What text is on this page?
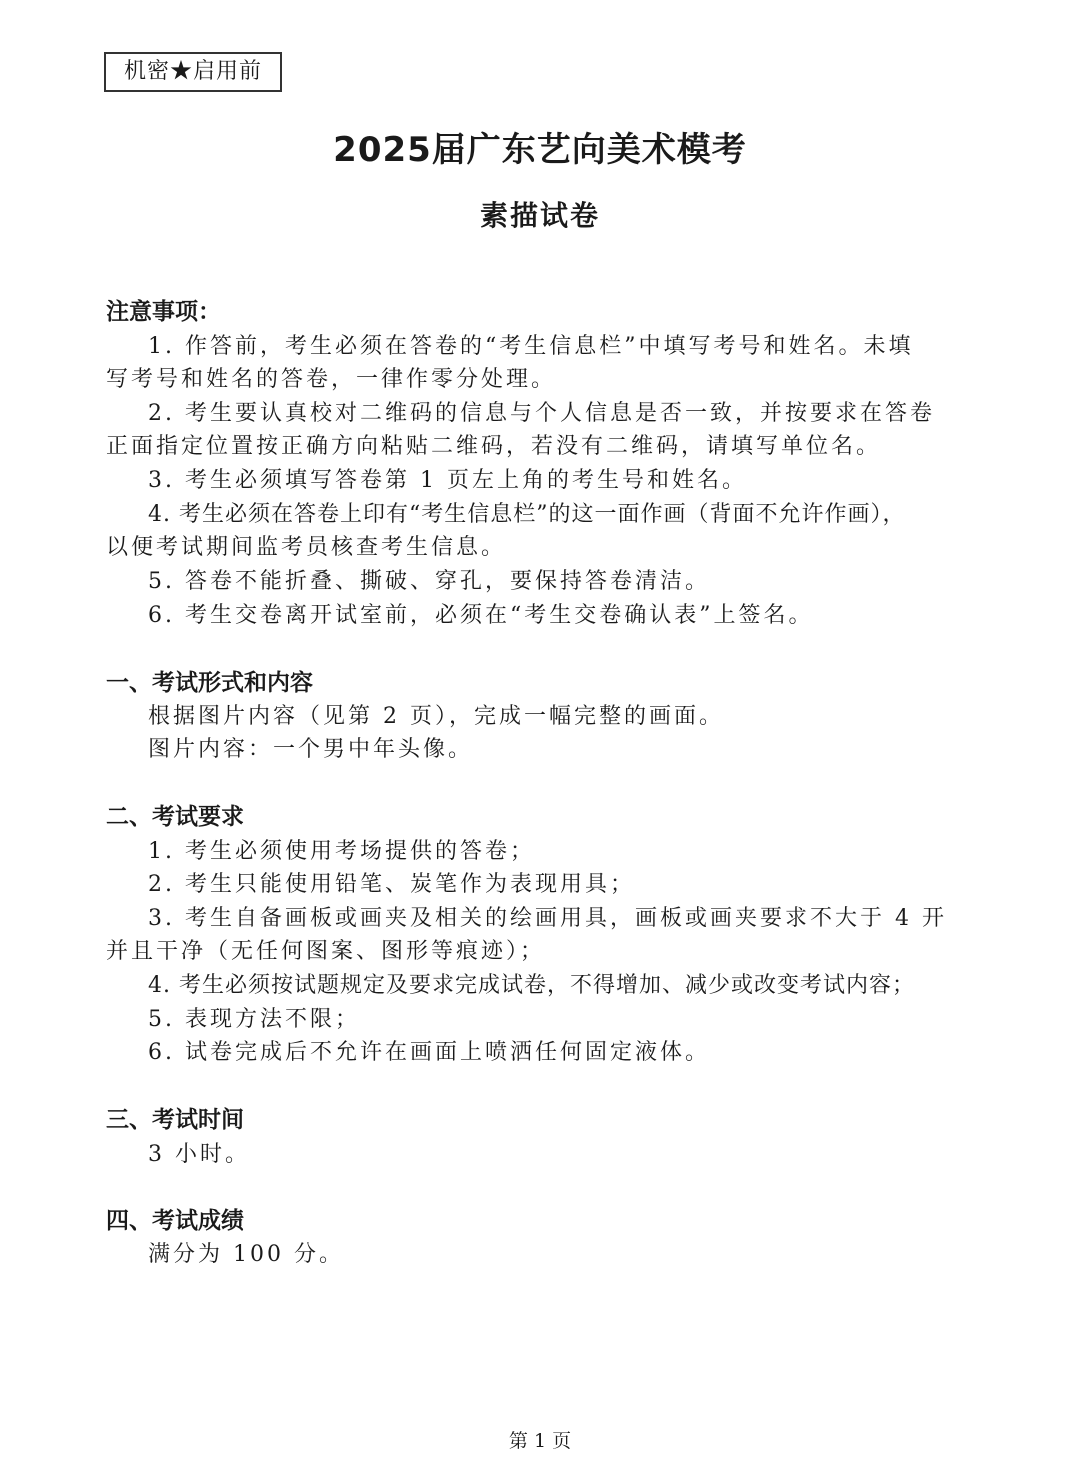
机密★启用前
2025届广东艺向美术模考
素描试卷
注意事项：
1. 作答前，考生必须在答卷的“考生信息栏”中填写考号和姓名。未填
写考号和姓名的答卷，一律作零分处理。
2. 考生要认真校对二维码的信息与个人信息是否一致，并按要求在答卷
正面指定位置按正确方向粘贴二维码，若没有二维码，请填写单位名。
3. 考生必须填写答卷第 1 页左上角的考生号和姓名。
4. 考生必须在答卷上印有“考生信息栏”的这一面作画（背面不允许作画），
以便考试期间监考员核查考生信息。
5. 答卷不能折叠、撕破、穿孔，要保持答卷清洁。
6. 考生交卷离开试室前，必须在“考生交卷确认表”上签名。
一、考试形式和内容
根据图片内容（见第 2 页），完成一幅完整的画面。
图片内容：一个男中年头像。
二、考试要求
1. 考生必须使用考场提供的答卷；
2. 考生只能使用铅笔、炭笔作为表现用具；
3. 考生自备画板或画夹及相关的绘画用具，画板或画夹要求不大于 4 开
并且干净（无任何图案、图形等痕迹）；
4. 考生必须按试题规定及要求完成试卷，不得增加、减少或改变考试内容；
5. 表现方法不限；
6. 试卷完成后不允许在画面上喷洒任何固定液体。
三、考试时间
3 小时。
四、考试成绩
满分为 100 分。
第 1 页
